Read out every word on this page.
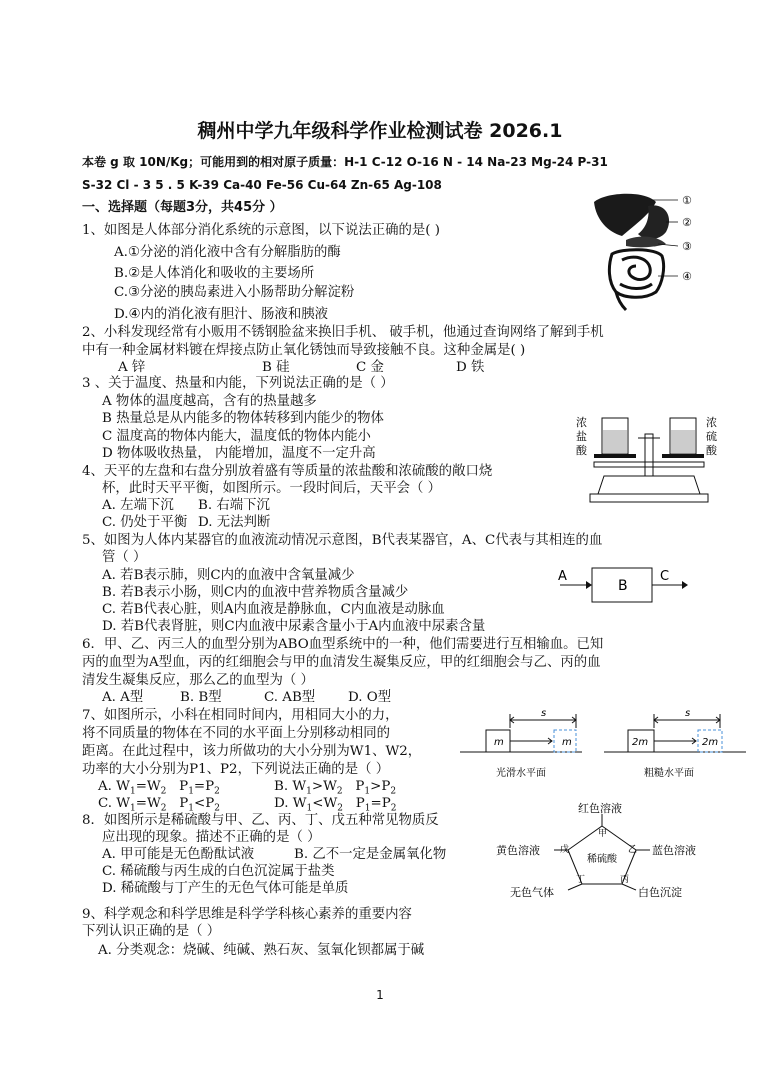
稠州中学九年级科学作业检测试卷 2026.1
本卷 g 取 10N/Kg；可能用到的相对原子质量：H-1 C-12 O-16 N - 14 Na-23 Mg-24 P-31
S-32 Cl - 3 5 . 5 K-39 Ca-40 Fe-56 Cu-64 Zn-65 Ag-108
一、选择题（每题3分，共45分 ）
1、如图是人体部分消化系统的示意图，以下说法正确的是( )
A.①分泌的消化液中含有分解脂肪的酶
B.②是人体消化和吸收的主要场所
C.③分泌的胰岛素进入小肠帮助分解淀粉
D.④内的消化液有胆汁、肠液和胰液
①
②
③
④
2、小科发现经常有小贩用不锈钢脸盆来换旧手机、 破手机，他通过查询网络了解到手机
中有一种金属材料镀在焊接点防止氧化锈蚀而导致接触不良。这种金属是( )
A 锌	B 硅	C 金	D 铁
3 、关于温度、热量和内能，下列说法正确的是（ ）
A 物体的温度越高，含有的热量越多
B 热量总是从内能多的物体转移到内能少的物体
C 温度高的物体内能大，温度低的物体内能小
D 物体吸收热量， 内能增加，温度不一定升高
4、天平的左盘和右盘分别放着盛有等质量的浓盐酸和浓硫酸的敞口烧
杯，此时天平平衡，如图所示。一段时间后，天平会（ ）
A. 左端下沉 B. 右端下沉
C. 仍处于平衡 D. 无法判断
浓
盐
酸
浓
硫
酸
5、如图为人体内某器官的血液流动情况示意图，B代表某器官，A、C代表与其相连的血
管（ ）
A. 若B表示肺，则C内的血液中含氧量减少
B. 若B表示小肠，则C内的血液中营养物质含量减少
C. 若B代表心脏，则A内血液是静脉血，C内血液是动脉血
D. 若B代表肾脏，则C内血液中尿素含量小于A内血液中尿素含量
A
B
C
6．甲、乙、丙三人的血型分别为ABO血型系统中的一种，他们需要进行互相输血。已知
丙的血型为A型血，丙的红细胞会与甲的血清发生凝集反应，甲的红细胞会与乙、丙的血
清发生凝集反应，那么乙的血型为（ ）
A. A型	B. B型	C. AB型 D. O型
7、如图所示，小科在相同时间内，用相同大小的力，
将不同质量的物体在不同的水平面上分别移动相同的
距离。在此过程中，该力所做功的大小分别为W1、W2，
功率的大小分别为P1、P2，下列说法正确的是（ ）
A. $W_1=W_2$   $P_1=P_2$	B. $W_1>W_2$   $P_1>P_2$
C. $W_1=W_2$   $P_1<P_2$	D. $W_1<W_2$   $P_1=P_2$
s
m	m
光滑水平面
s
2m	2m
粗糙水平面
8．如图所示是稀硫酸与甲、乙、丙、丁、戊五种常见物质反
应出现的现象。描述不正确的是（ ）
A. 甲可能是无色酚酞试液	B. 乙不一定是金属氧化物
C. 稀硫酸与丙生成的白色沉淀属于盐类
D. 稀硫酸与丁产生的无色气体可能是单质
稀硫酸
甲
乙
丙
丁
戊
红色溶液
蓝色溶液
白色沉淀
无色气体
黄色溶液
9、科学观念和科学思维是科学学科核心素养的重要内容
下列认识正确的是（ ）
A. 分类观念：烧碱、纯碱、熟石灰、氢氧化钡都属于碱
1
